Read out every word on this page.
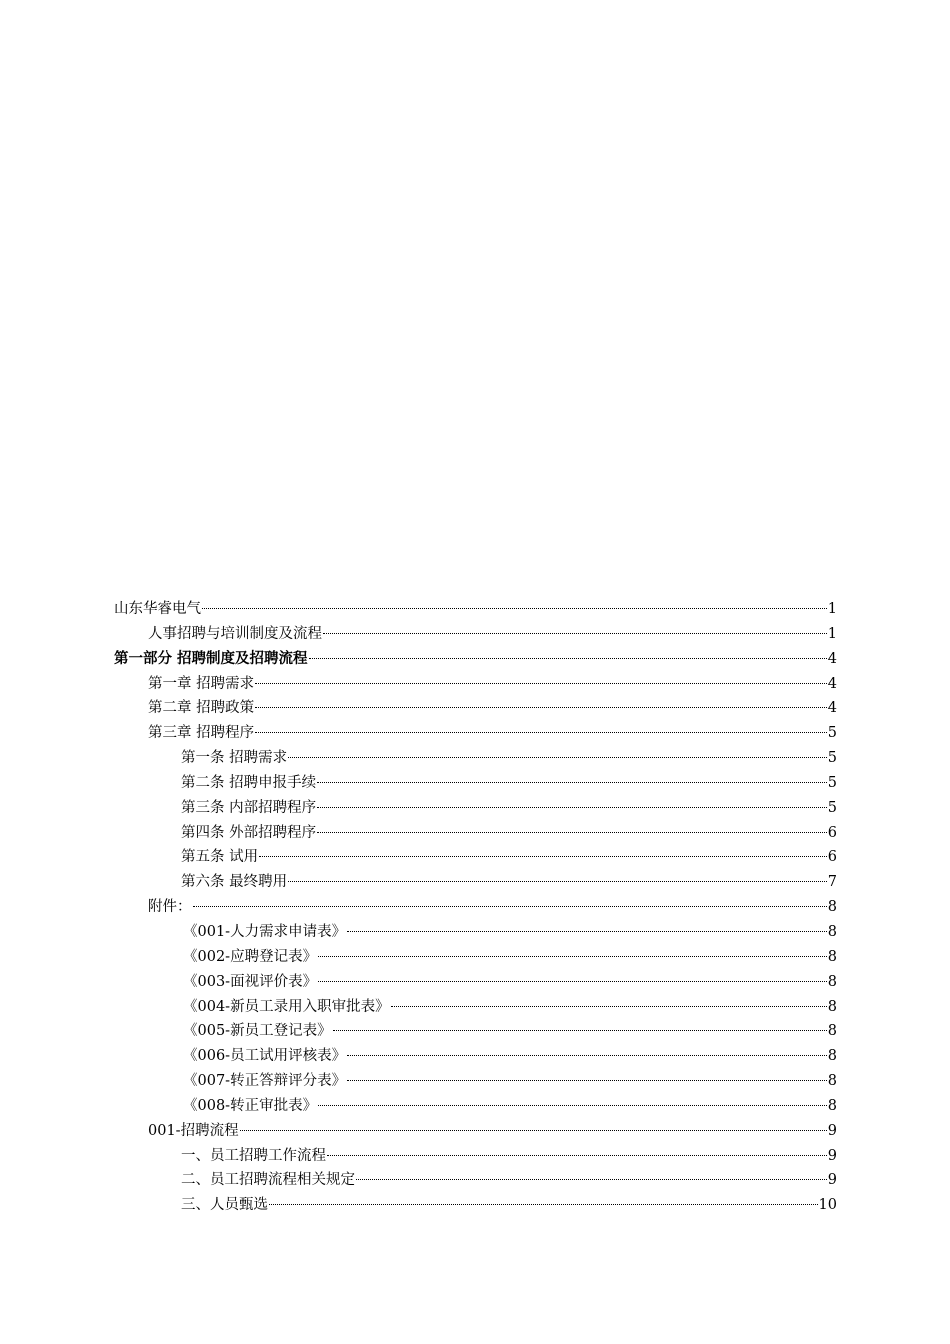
山东华睿电气	1
人事招聘与培训制度及流程	1
第一部分 招聘制度及招聘流程	4
第一章 招聘需求	4
第二章 招聘政策	4
第三章 招聘程序	5
第一条 招聘需求	5
第二条 招聘申报手续	5
第三条 内部招聘程序	5
第四条 外部招聘程序	6
第五条 试用	6
第六条 最终聘用	7
附件：	8
《001-人力需求申请表》	8
《002-应聘登记表》	8
《003-面视评价表》	8
《004-新员工录用入职审批表》	8
《005-新员工登记表》	8
《006-员工试用评核表》	8
《007-转正答辩评分表》	8
《008-转正审批表》	8
001-招聘流程	9
一、员工招聘工作流程	9
二、员工招聘流程相关规定	9
三、人员甄选	10
